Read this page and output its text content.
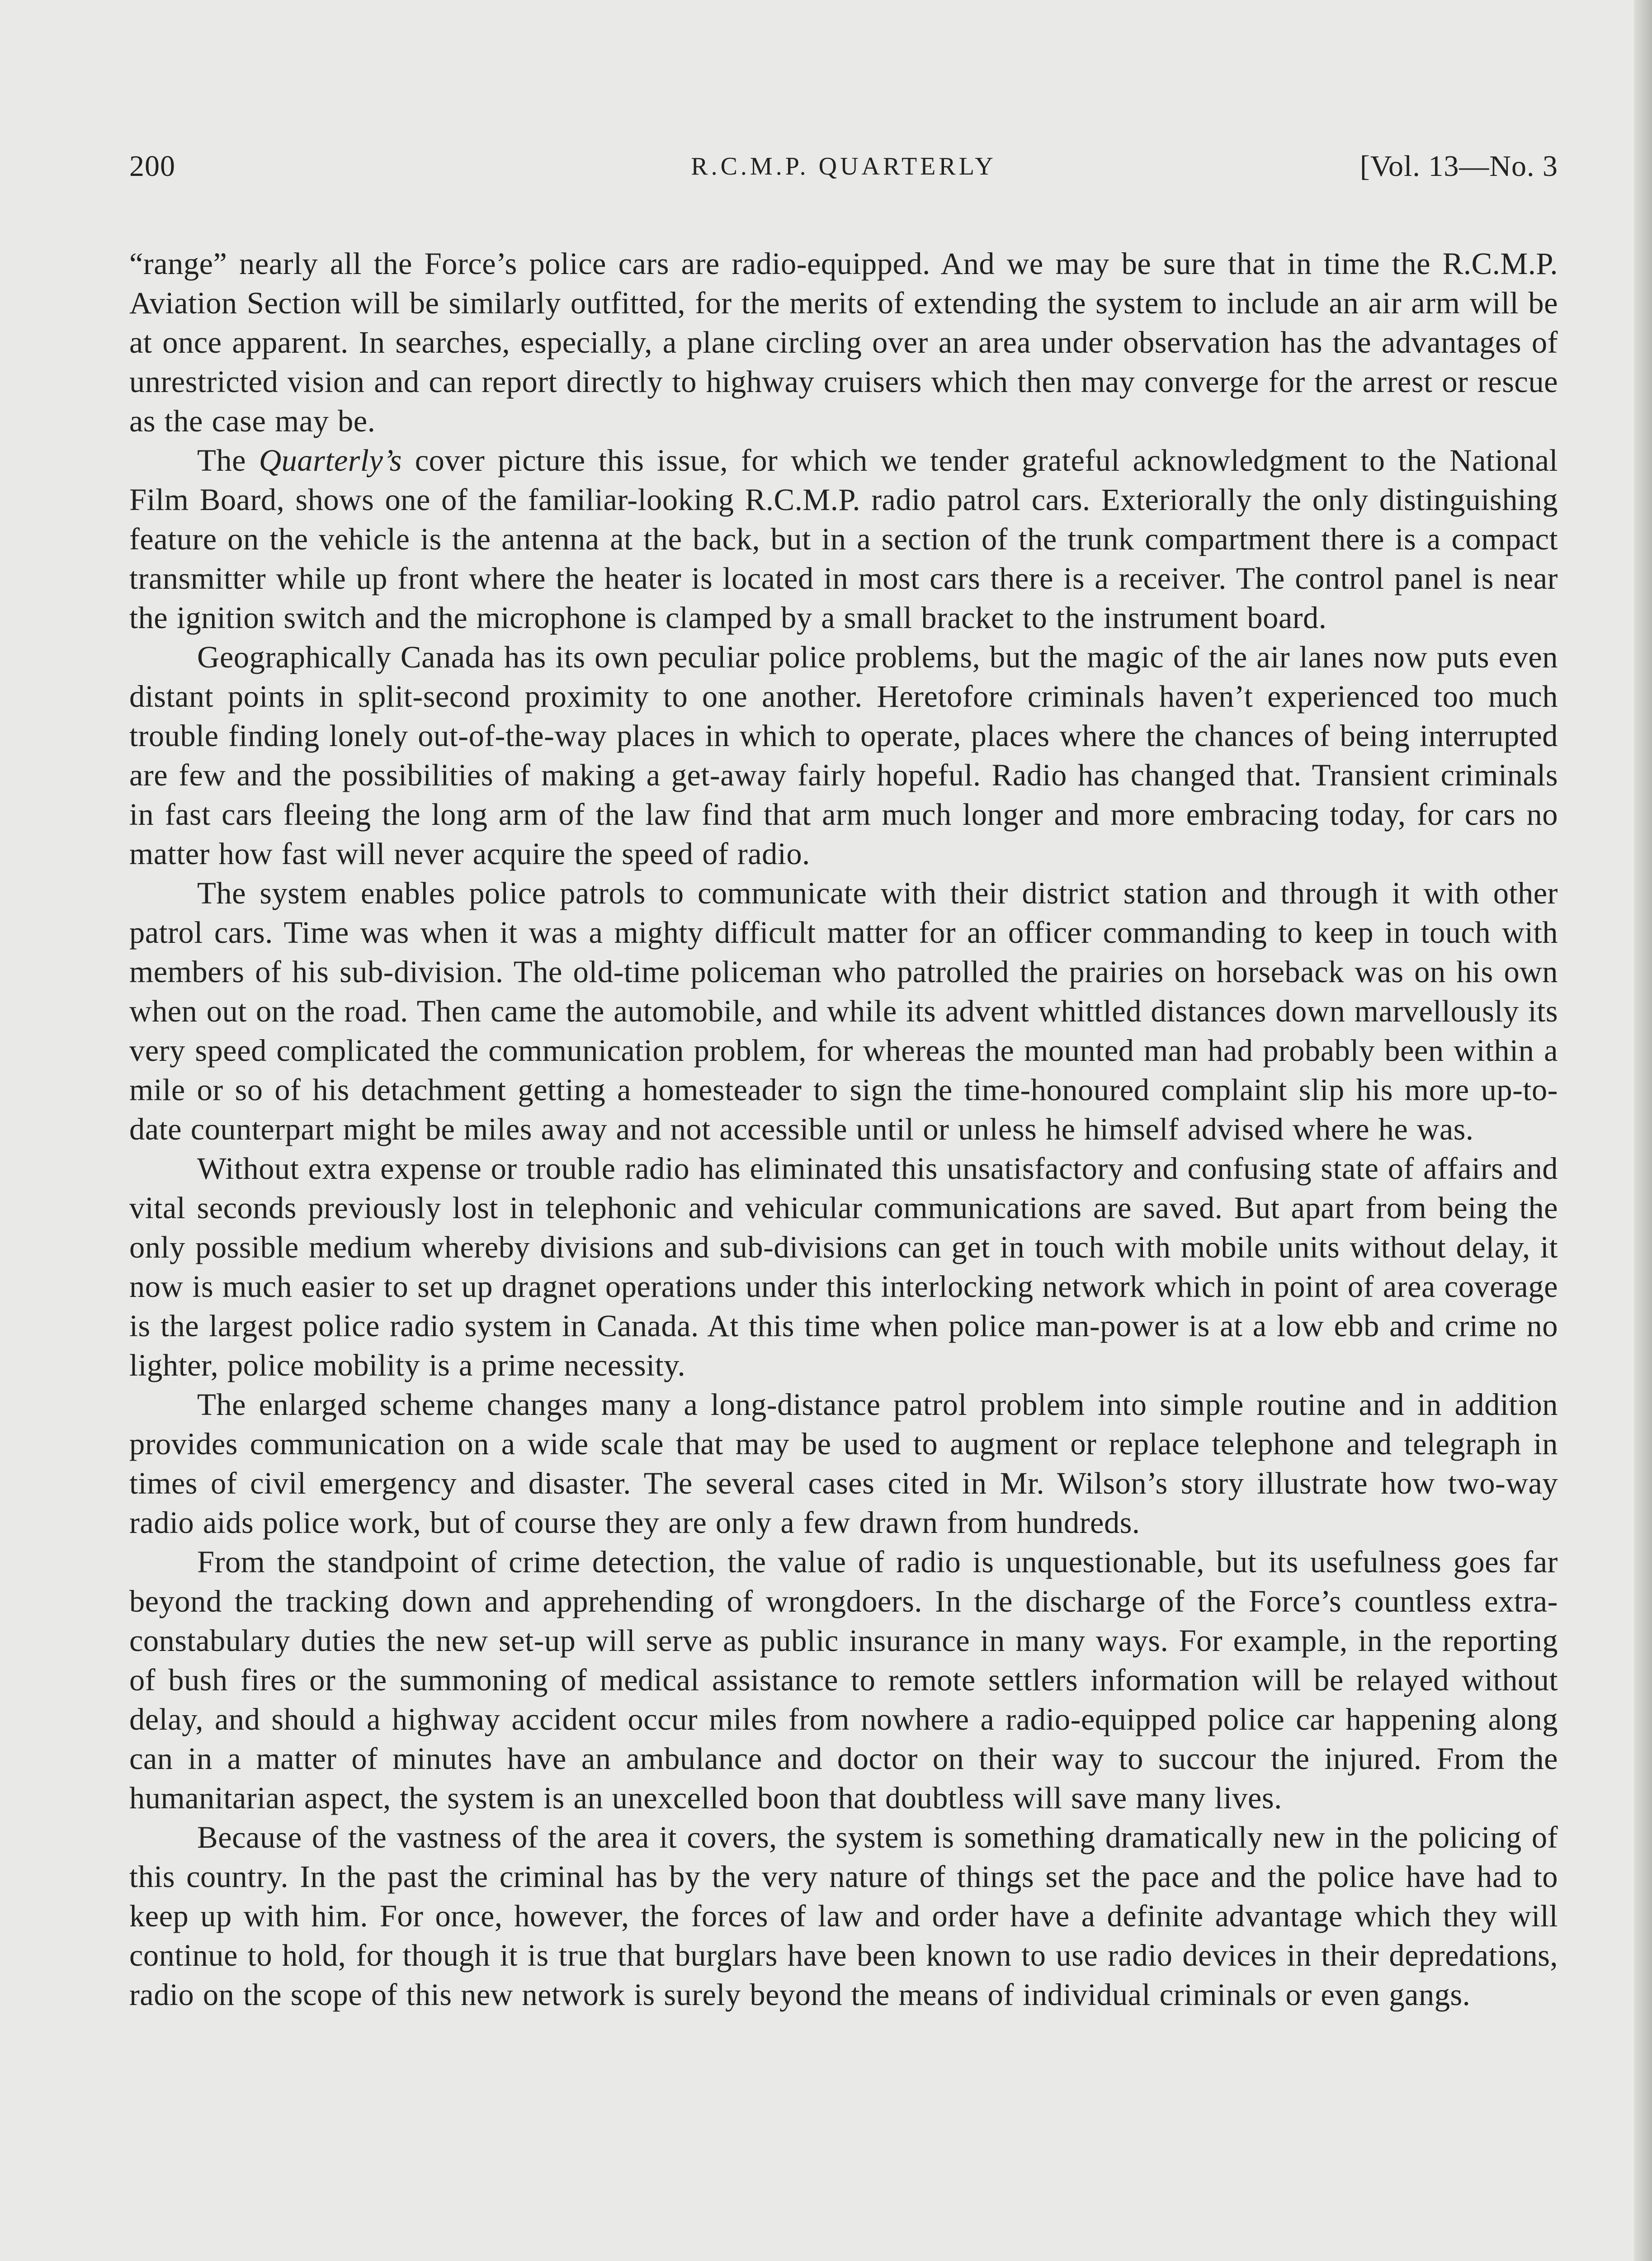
200	R.C.M.P. QUARTERLY	[Vol. 13—No. 3

“range” nearly all the Force’s police cars are radio-equipped. And we may be sure that in time the R.C.M.P. Aviation Section will be similarly outfitted, for the merits of extending the system to include an air arm will be at once apparent. In searches, especially, a plane circling over an area under observation has the advantages of unrestricted vision and can report directly to highway cruisers which then may converge for the arrest or rescue as the case may be.

The Quarterly’s cover picture this issue, for which we tender grateful acknowledgment to the National Film Board, shows one of the familiar-looking R.C.M.P. radio patrol cars. Exteriorally the only distinguishing feature on the vehicle is the antenna at the back, but in a section of the trunk compartment there is a compact transmitter while up front where the heater is located in most cars there is a receiver. The control panel is near the ignition switch and the microphone is clamped by a small bracket to the instrument board.

Geographically Canada has its own peculiar police problems, but the magic of the air lanes now puts even distant points in split-second proximity to one another. Heretofore criminals haven’t experienced too much trouble finding lonely out-of-the-way places in which to operate, places where the chances of being interrupted are few and the possibilities of making a get-away fairly hopeful. Radio has changed that. Transient criminals in fast cars fleeing the long arm of the law find that arm much longer and more embracing today, for cars no matter how fast will never acquire the speed of radio.

The system enables police patrols to communicate with their district station and through it with other patrol cars. Time was when it was a mighty difficult matter for an officer commanding to keep in touch with members of his sub-division. The old-time policeman who patrolled the prairies on horseback was on his own when out on the road. Then came the automobile, and while its advent whittled distances down marvellously its very speed complicated the communication problem, for whereas the mounted man had probably been within a mile or so of his detachment getting a homesteader to sign the time-honoured complaint slip his more up-to-date counterpart might be miles away and not accessible until or unless he himself advised where he was.

Without extra expense or trouble radio has eliminated this unsatisfactory and confusing state of affairs and vital seconds previously lost in telephonic and vehicular communications are saved. But apart from being the only possible medium whereby divisions and sub-divisions can get in touch with mobile units without delay, it now is much easier to set up dragnet operations under this interlocking network which in point of area coverage is the largest police radio system in Canada. At this time when police man-power is at a low ebb and crime no lighter, police mobility is a prime necessity.

The enlarged scheme changes many a long-distance patrol problem into simple routine and in addition provides communication on a wide scale that may be used to augment or replace telephone and telegraph in times of civil emergency and disaster. The several cases cited in Mr. Wilson’s story illustrate how two-way radio aids police work, but of course they are only a few drawn from hundreds.

From the standpoint of crime detection, the value of radio is unquestionable, but its usefulness goes far beyond the tracking down and apprehending of wrongdoers. In the discharge of the Force’s countless extra-constabulary duties the new set-up will serve as public insurance in many ways. For example, in the reporting of bush fires or the summoning of medical assistance to remote settlers information will be relayed without delay, and should a highway accident occur miles from nowhere a radio-equipped police car happening along can in a matter of minutes have an ambulance and doctor on their way to succour the injured. From the humanitarian aspect, the system is an unexcelled boon that doubtless will save many lives.

Because of the vastness of the area it covers, the system is something dramatically new in the policing of this country. In the past the criminal has by the very nature of things set the pace and the police have had to keep up with him. For once, however, the forces of law and order have a definite advantage which they will continue to hold, for though it is true that burglars have been known to use radio devices in their depredations, radio on the scope of this new network is surely beyond the means of individual criminals or even gangs.
